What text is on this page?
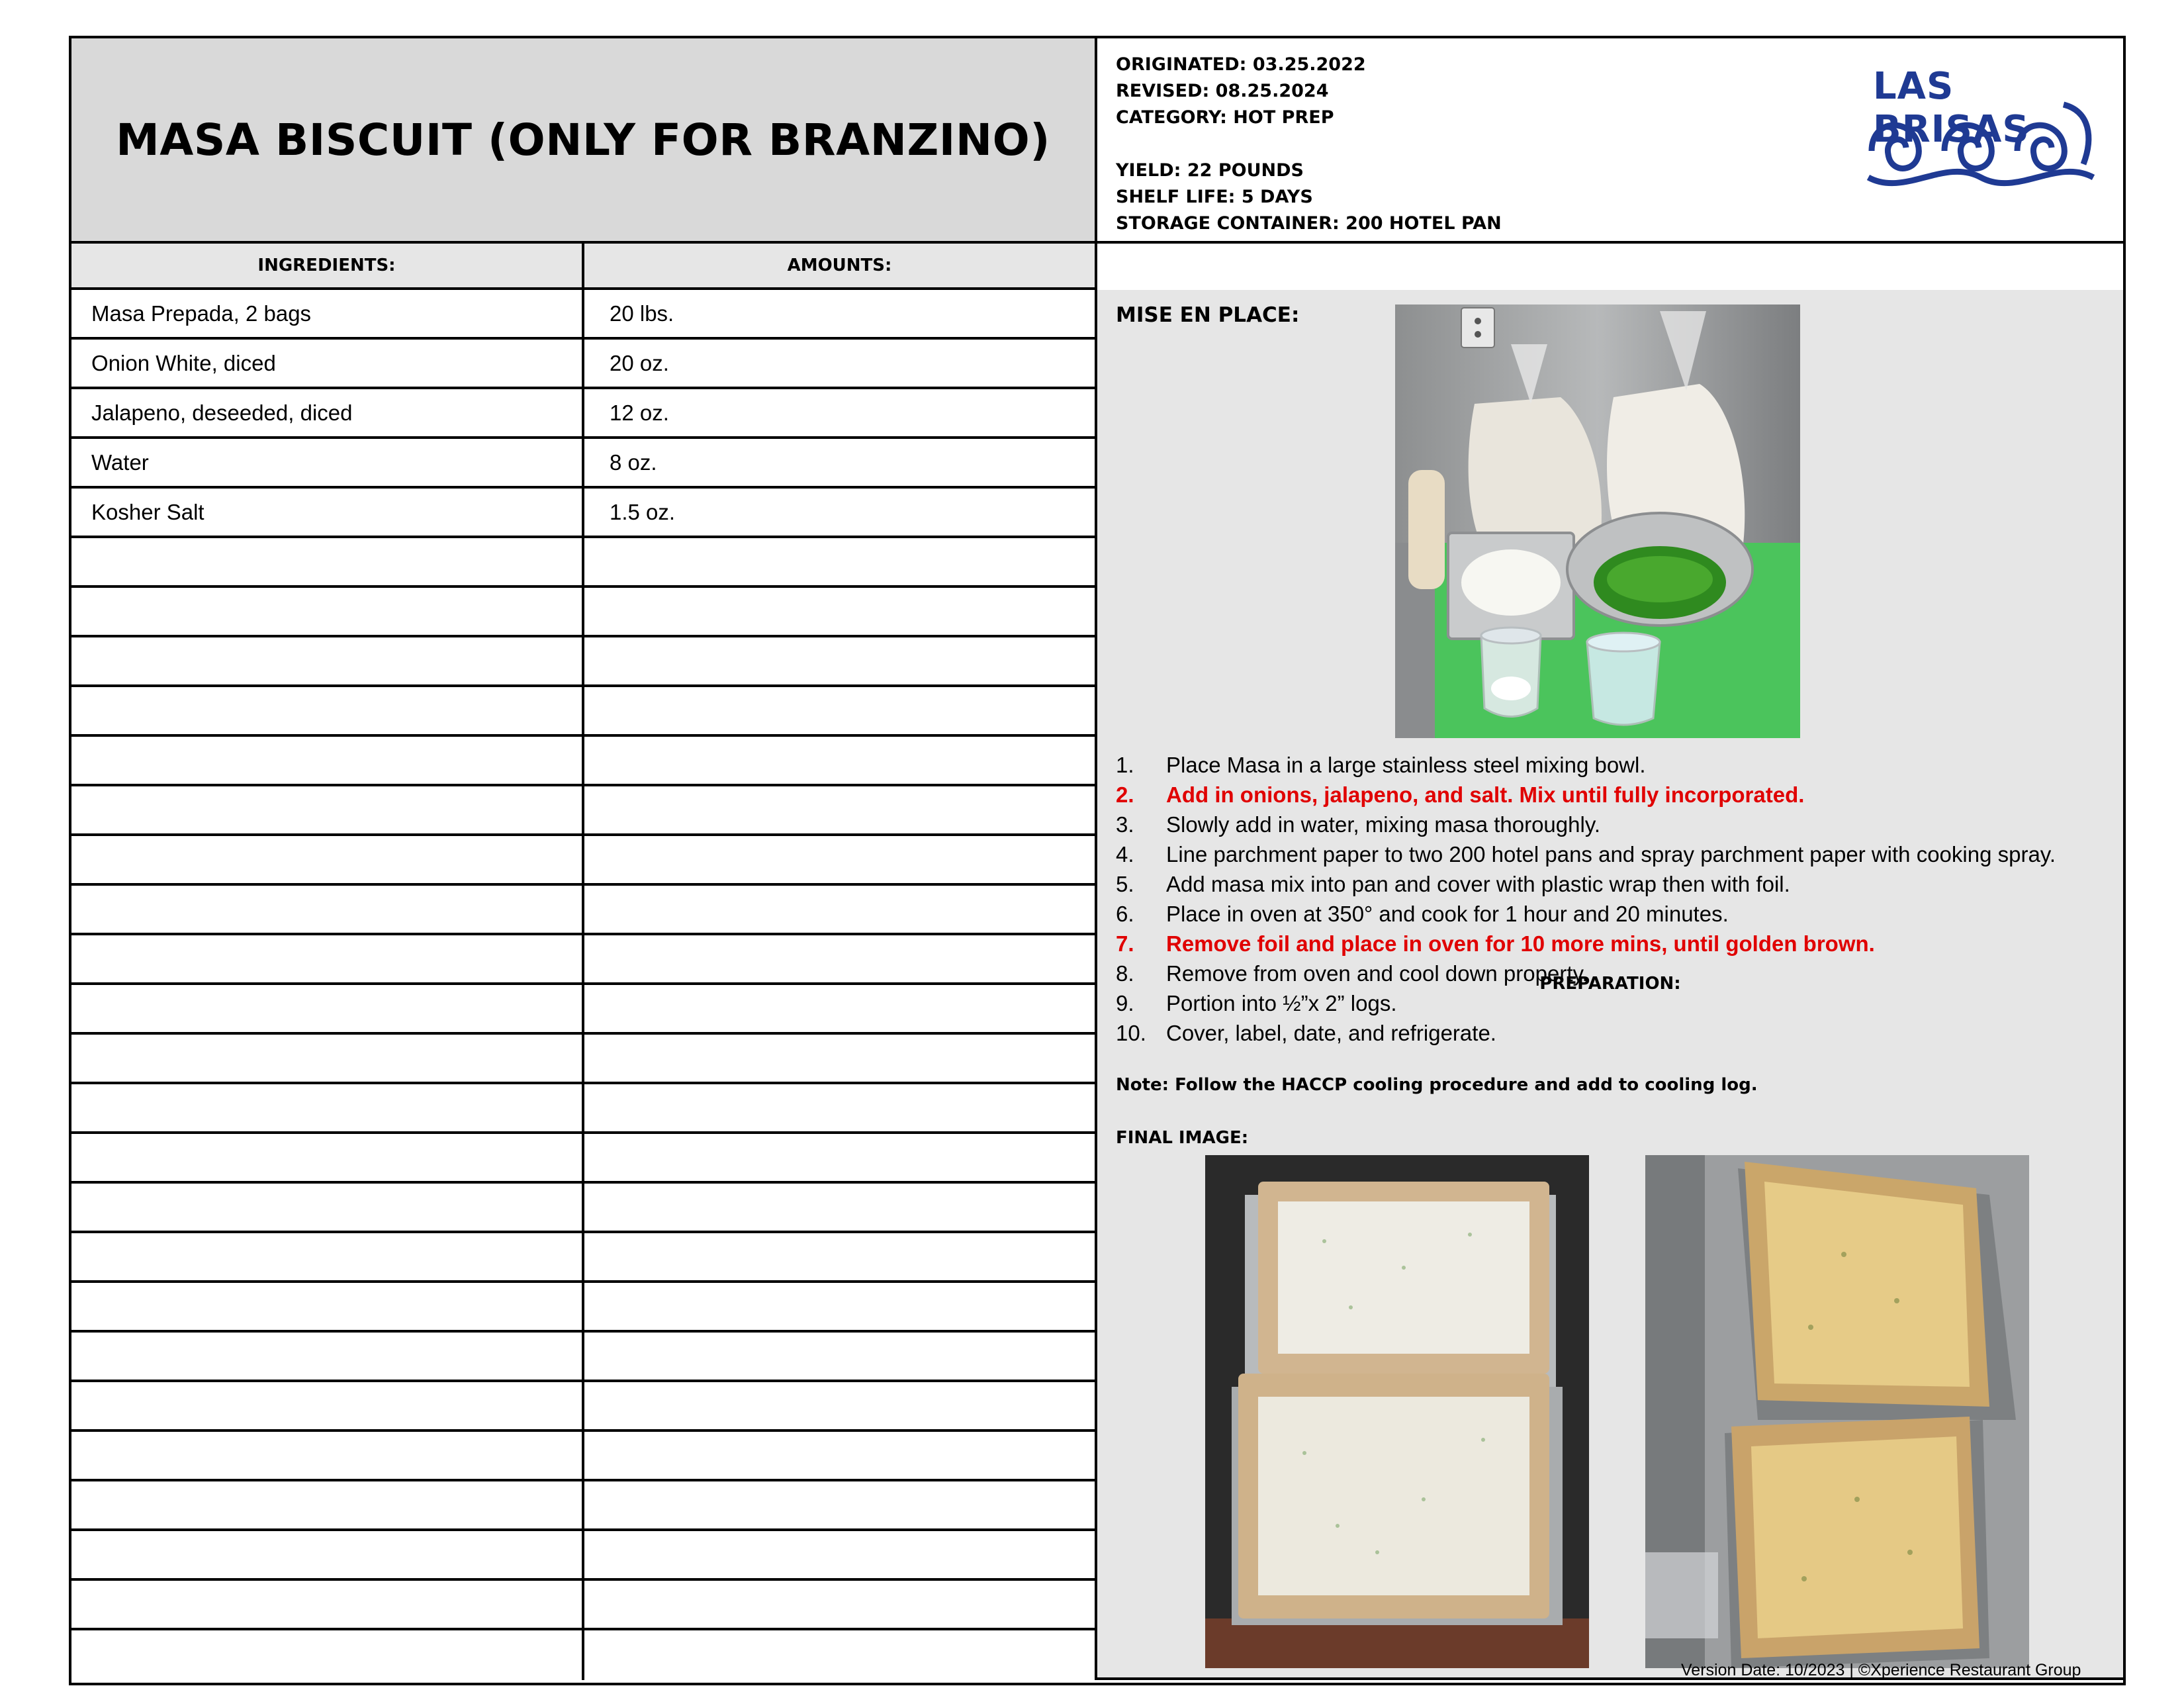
MASA BISCUIT (ONLY FOR BRANZINO)
ORIGINATED: 03.25.2022
REVISED: 08.25.2024
CATEGORY: HOT PREP
YIELD: 22 POUNDS
SHELF LIFE: 5 DAYS
STORAGE CONTAINER: 200 HOTEL PAN
LAS BRISAS
INGREDIENTS:	AMOUNTS:
PREPARATION:
Masa Prepada, 2 bags	20 lbs.
Onion White, diced	20 oz.
Jalapeno, deseeded, diced	12 oz.
Water	8 oz.
Kosher Salt	1.5 oz.
MISE EN PLACE:
1.	Place Masa in a large stainless steel mixing bowl.
2.	Add in onions, jalapeno, and salt. Mix until fully incorporated.
3.	Slowly add in water, mixing masa thoroughly.
4.	Line parchment paper to two 200 hotel pans and spray parchment paper with cooking spray.
5.	Add masa mix into pan and cover with plastic wrap then with foil.
6.	Place in oven at 350° and cook for 1 hour and 20 minutes.
7.	Remove foil and place in oven for 10 more mins, until golden brown.
8.	Remove from oven and cool down property.
9.	Portion into ½”x 2” logs.
10. Cover, label, date, and refrigerate.
Note: Follow the HACCP cooling procedure and add to cooling log.
FINAL IMAGE:
Version Date: 10/2023 | ©Xperience Restaurant Group
